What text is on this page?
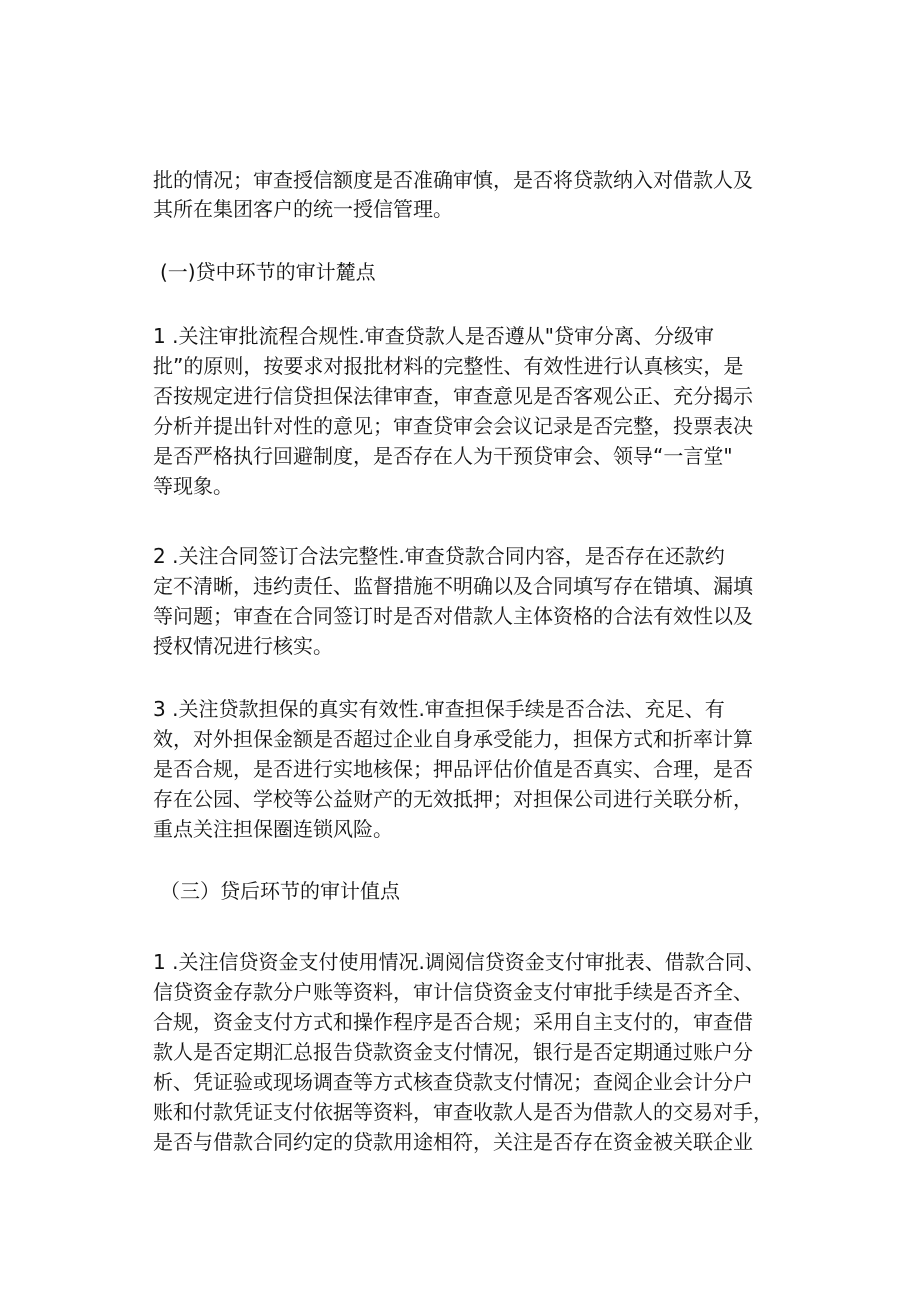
批的情况；审查授信额度是否准确审慎，是否将贷款纳入对借款人及
其所在集团客户的统一授信管理。
(一)贷中环节的审计麓点
1 .关注审批流程合规性.审查贷款人是否遵从"贷审分离、分级审
批”的原则，按要求对报批材料的完整性、有效性进行认真核实，是
否按规定进行信贷担保法律审查，审查意见是否客观公正、充分揭示
分析并提出针对性的意见；审查贷审会会议记录是否完整，投票表决
是否严格执行回避制度，是否存在人为干预贷审会、领导“一言堂"
等现象。
2 .关注合同签订合法完整性.审查贷款合同内容，是否存在还款约
定不清晰，违约责任、监督措施不明确以及合同填写存在错填、漏填
等问题；审查在合同签订时是否对借款人主体资格的合法有效性以及
授权情况进行核实。
3 .关注贷款担保的真实有效性.审查担保手续是否合法、充足、有
效，对外担保金额是否超过企业自身承受能力，担保方式和折率计算
是否合规，是否进行实地核保；押品评估价值是否真实、合理，是否
存在公园、学校等公益财产的无效抵押；对担保公司进行关联分析，
重点关注担保圈连锁风险。
（三）贷后环节的审计值点
1 .关注信贷资金支付使用情况.调阅信贷资金支付审批表、借款合同、
信贷资金存款分户账等资料，审计信贷资金支付审批手续是否齐全、
合规，资金支付方式和操作程序是否合规；采用自主支付的，审查借
款人是否定期汇总报告贷款资金支付情况，银行是否定期通过账户分
析、凭证验或现场调查等方式核查贷款支付情况；查阅企业会计分户
账和付款凭证支付依据等资料，审查收款人是否为借款人的交易对手，
是否与借款合同约定的贷款用途相符，关注是否存在资金被关联企业
